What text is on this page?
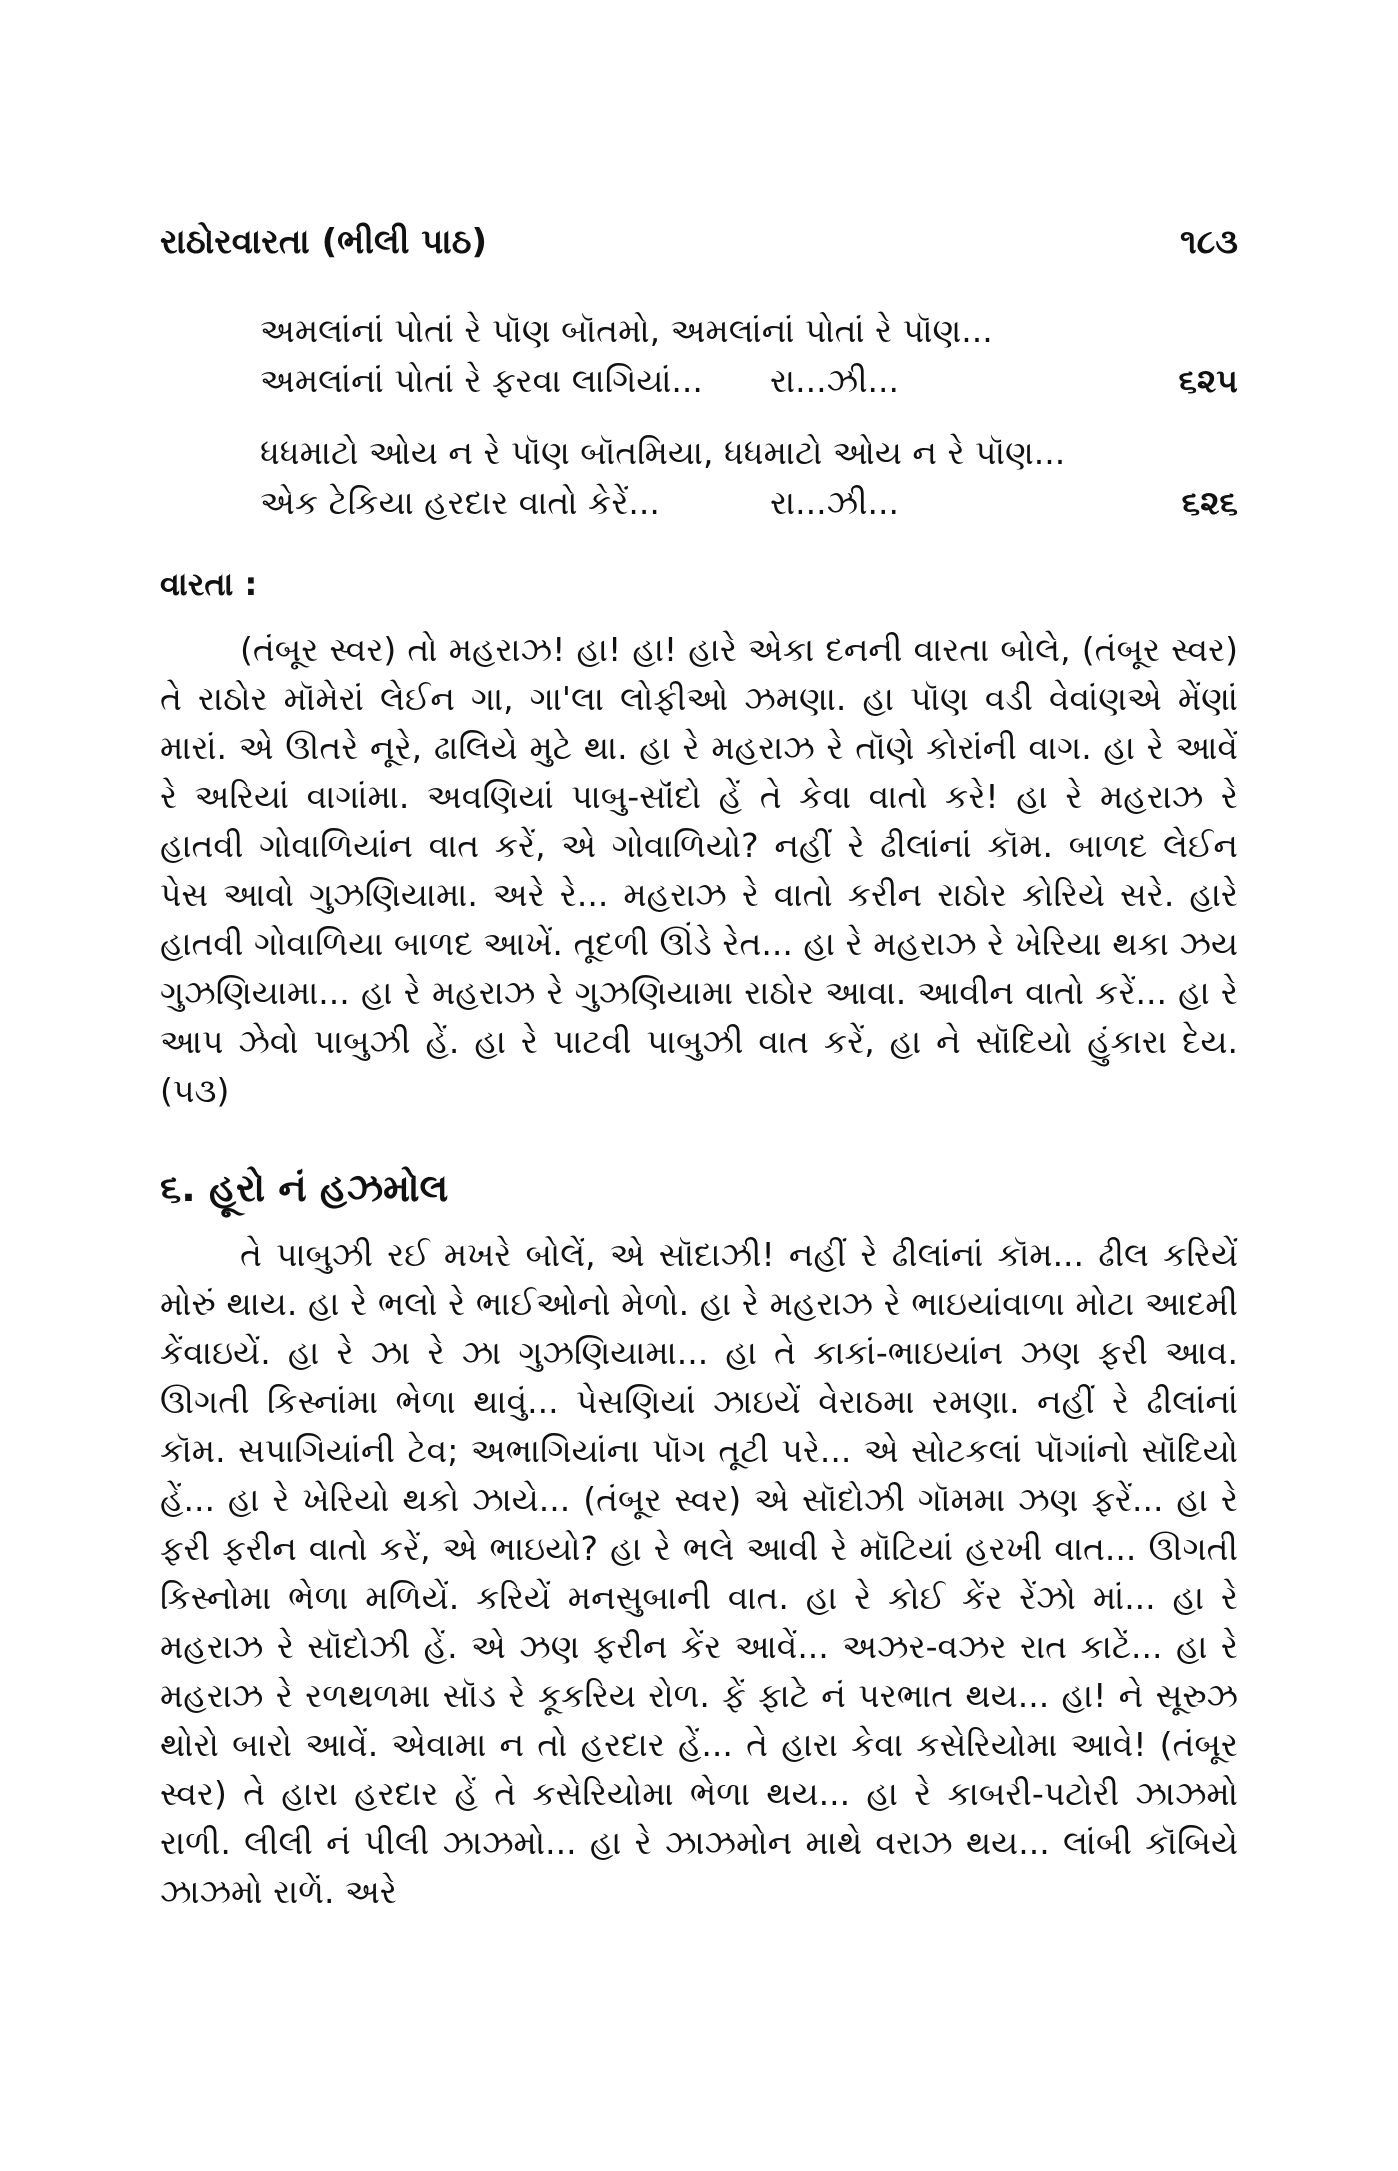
રાઠોરવારતા (ભીલી પાઠ)	૧૮૩
અમલાંનાં પોતાં રે પૉણ બૉતમો, અમલાંનાં પોતાં રે પૉણ...
અમલાંનાં પોતાં રે ફરવા લાગિયાં... રા...ઝી...	૬૨૫
ધધમાટો ઓય ન રે પૉણ બૉતમિયા, ધધમાટો ઓય ન રે પૉણ...
એક ટેકિયા હરદાર વાતો કેરેં...	રા...ઝી...	૬૨૬
વારતા :

(તંબૂર સ્વર) તો મહરાઝ! હા! હા! હારે એકા દનની વારતા બોલે, (તંબૂર સ્વર) તે રાઠોર મૉમેરાં લેઈન ગા, ગા'લા લોફીઓ ઝમણા. હા પૉણ વડી વેવાંણએ મેંણાં મારાં. એ ઊતરે નૂરે, ઢાલિયે મુટે થા. હા રે મહરાઝ રે તૉણે કોરાંની વાગ. હા રે આવેં રે અરિયાં વાગાંમા. અવણિયાં પાબુ-સૉંદો હેં તે કેવા વાતો કરે! હા રે મહરાઝ રે હાતવી ગોવાળિયાંન વાત કરેં, એ ગોવાળિયો? નહીં રે ઢીલાંનાં કૉમ. બાળદ લેઈન પેસ આવો ગુઝણિયામા. અરે રે... મહરાઝ રે વાતો કરીન રાઠોર કોરિયે સરે. હારે હાતવી ગોવાળિયા બાળદ આખેં. તૂદળી ઊંડે રેત... હા રે મહરાઝ રે ખેરિયા થકા ઝય ગુઝણિયામા... હા રે મહરાઝ રે ગુઝણિયામા રાઠોર આવા. આવીન વાતો કરેં... હા રે આપ ઝેવો પાબુઝી હેં. હા રે પાટવી પાબુઝી વાત કરેં, હા ને સૉદિયો હુંકારા દેય. (૫૩)

૬. હૂરો નં હઝમોલ

તે પાબુઝી રઈ મખરે બોલેં, એ સૉદાઝી! નહીં રે ઢીલાંનાં કૉમ... ઢીલ કરિયેં મોરું થાય. હા રે ભલો રે ભાઈઓનો મેળો. હા રે મહરાઝ રે ભાઇયાંવાળા મોટા આદમી કેંવાઇયેં. હા રે ઝા રે ઝા ગુઝણિયામા... હા તે કાકાં-ભાઇયાંન ઝણ ફરી આવ. ઊગતી કિસ્નાંમા ભેળા થાવું... પેસણિયાં ઝાઇયેં વેરાઠમા રમણા. નહીં રે ઢીલાંનાં કૉમ. સપાગિયાંની ટેવ; અભાગિયાંના પૉગ તૂટી પરે... એ સોટકલાં પૉગાંનો સૉદિયો હેં... હા રે ખેરિયો થકો ઝાયે... (તંબૂર સ્વર) એ સૉદોઝી ગૉમમા ઝણ ફરેં... હા રે ફરી ફરીન વાતો કરેં, એ ભાઇયો? હા રે ભલે આવી રે મૉટિયાં હરખી વાત... ઊગતી કિસ્નોમા ભેળા મળિયેં. કરિયેં મનસુબાની વાત. હા રે કોઈ કેંર રેંઝો માં... હા રે મહરાઝ રે સૉદોઝી હેં. એ ઝણ ફરીન કેંર આવેં... અઝર-વઝર રાત કાટેં... હા રે મહરાઝ રે રળથળમા સૉડ રે કૂકરિય રોળ. ફેં ફાટે નં પરભાત થય... હા! ને સૂરુઝ થોરો બારો આવેં. એવામા ન તો હરદાર હેં... તે હારા કેવા કસેરિયોમા આવે! (તંબૂર સ્વર) તે હારા હરદાર હેં તે કસેરિયોમા ભેળા થય... હા રે કાબરી-પટોરી ઝાઝમો રાળી. લીલી નં પીલી ઝાઝમો... હા રે ઝાઝમોન માથે વરાઝ થય... લાંબી કૉબિયે ઝાઝમો રાળેં. અરે
